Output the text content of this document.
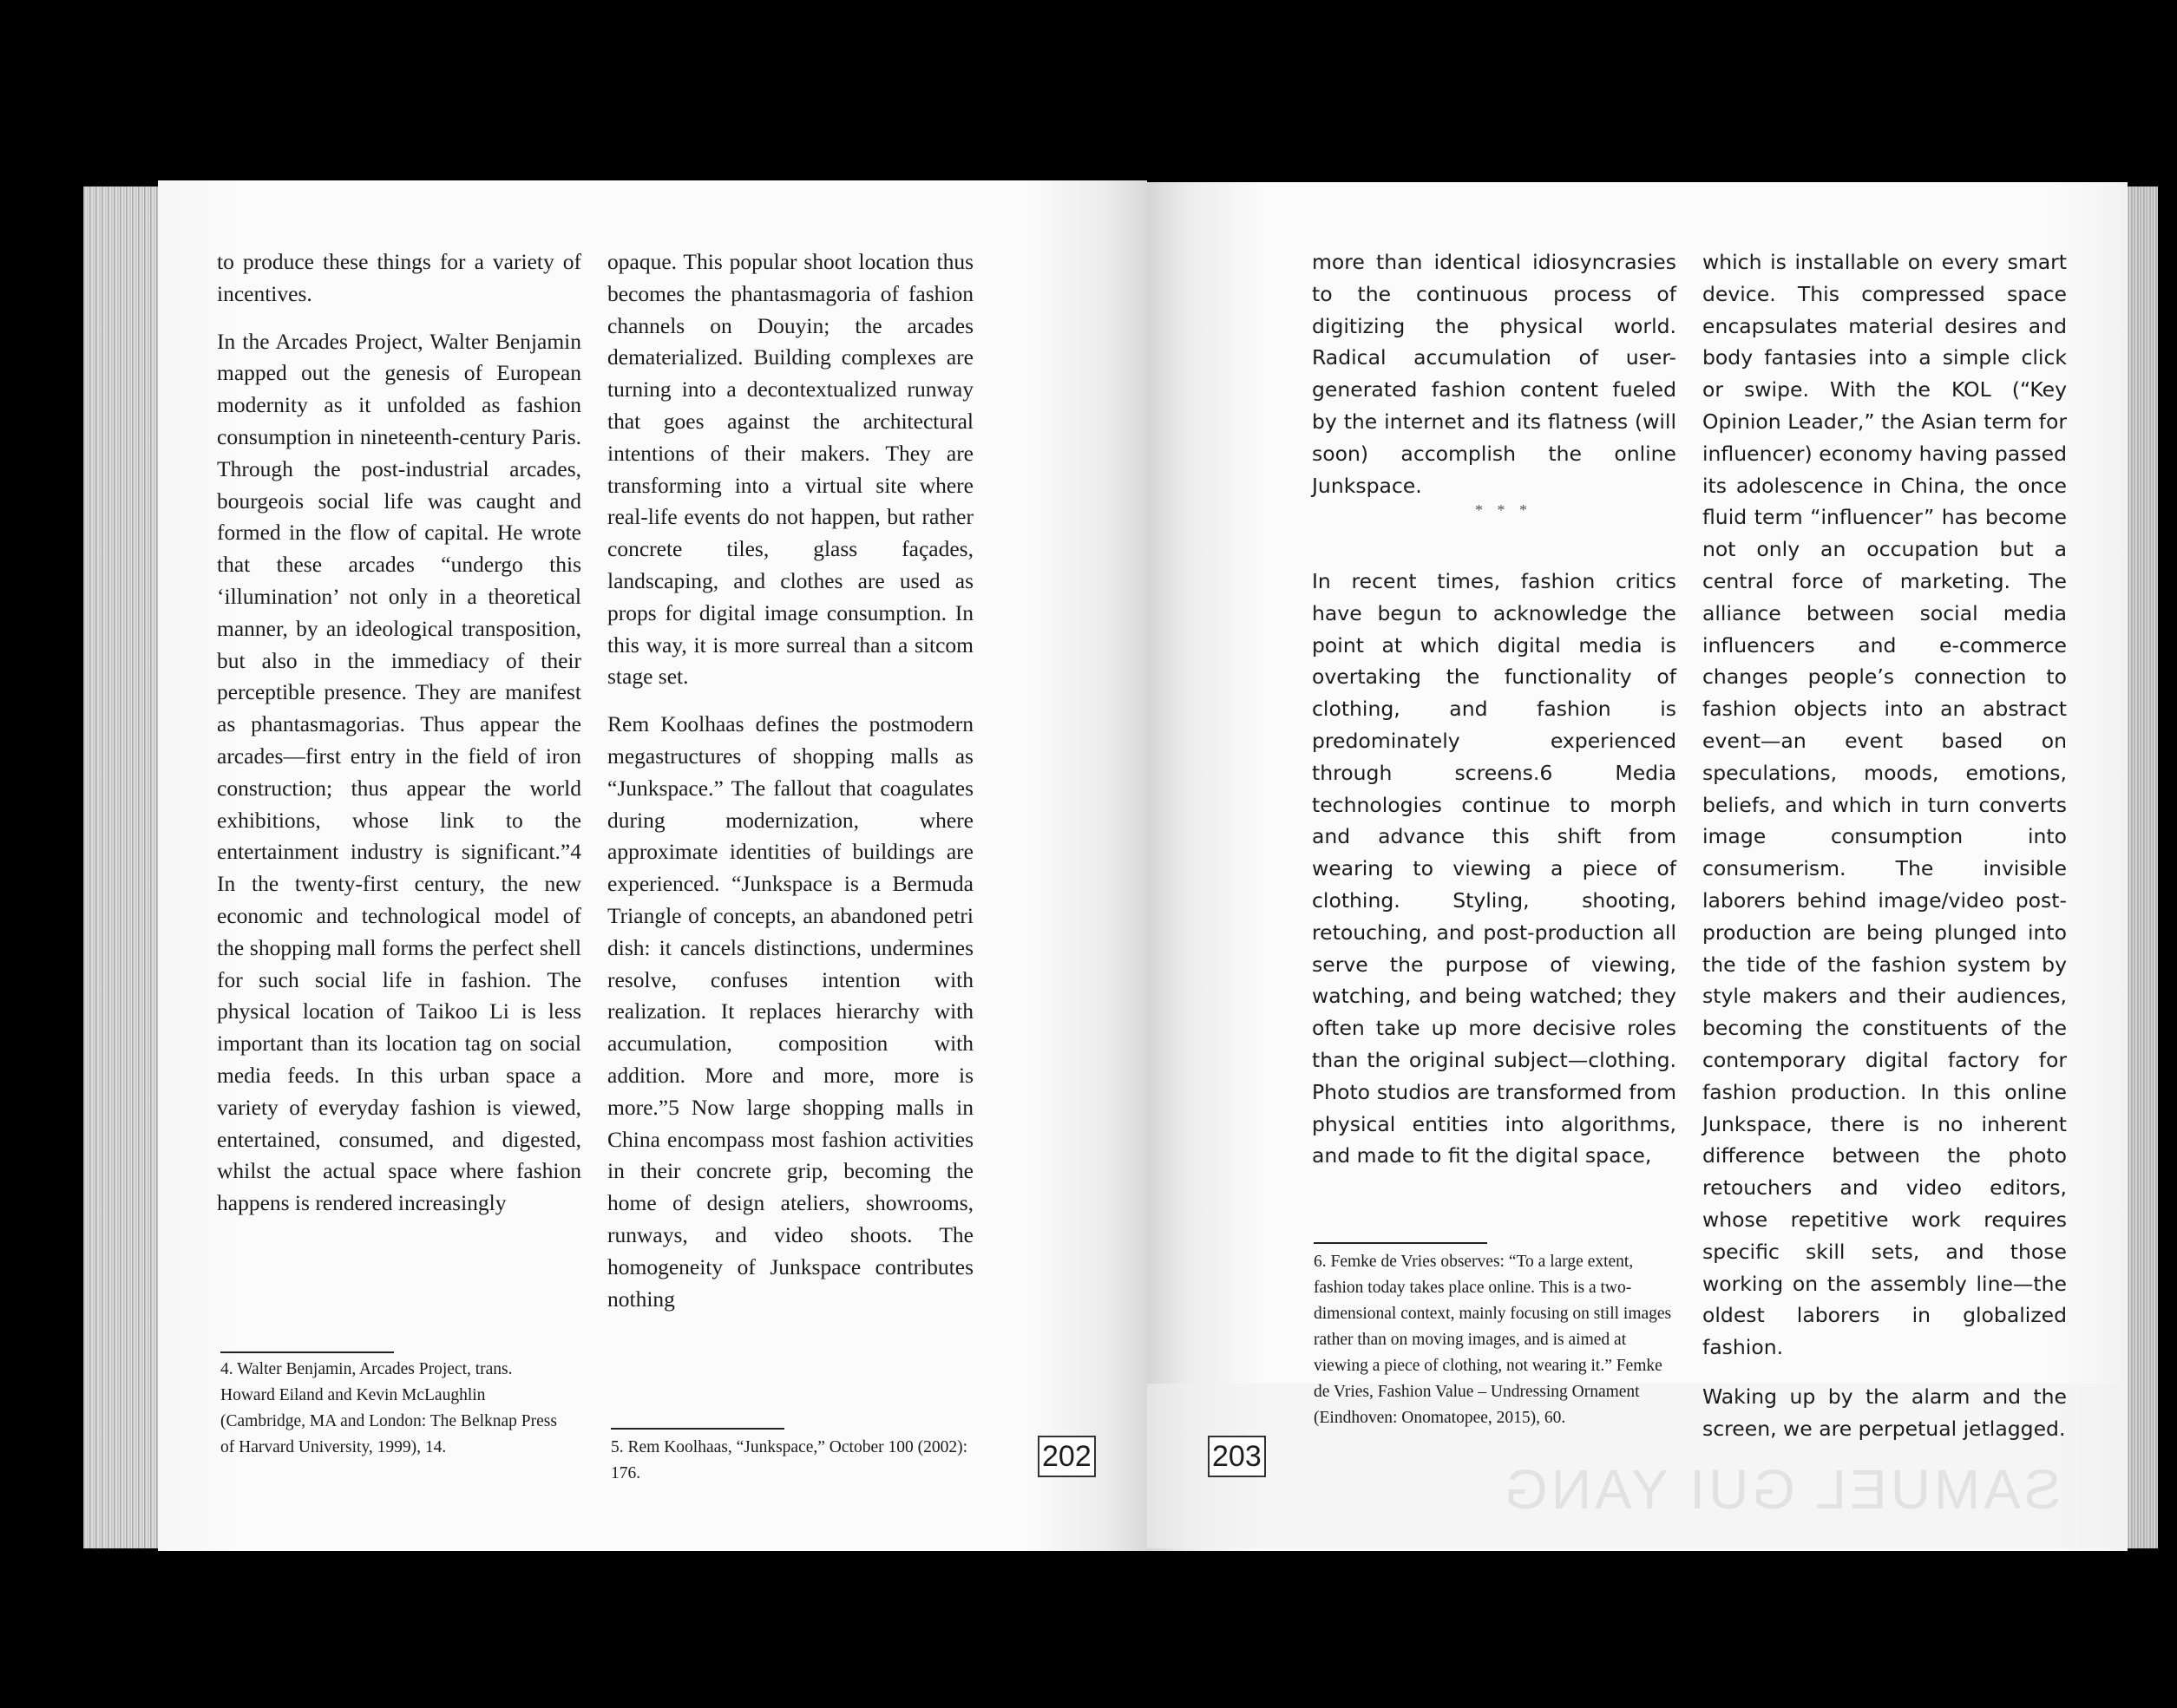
to produce these things for a variety of incentives.

In the Arcades Project, Walter Benjamin mapped out the genesis of European modernity as it unfolded as fashion consumption in nineteenth-century Paris. Through the post-industrial arcades, bourgeois social life was caught and formed in the flow of capital. He wrote that these arcades “undergo this ‘illumination’ not only in a theoretical manner, by an ideological transposition, but also in the immediacy of their perceptible presence. They are manifest as phantasmagorias. Thus appear the arcades—first entry in the field of iron construction; thus appear the world exhibitions, whose link to the entertainment industry is significant.”4 In the twenty-first century, the new economic and technological model of the shopping mall forms the perfect shell for such social life in fashion. The physical location of Taikoo Li is less important than its location tag on social media feeds. In this urban space a variety of everyday fashion is viewed, entertained, consumed, and digested, whilst the actual space where fashion happens is rendered increasingly

4. Walter Benjamin, Arcades Project, trans. Howard Eiland and Kevin McLaughlin (Cambridge, MA and London: The Belknap Press of Harvard University, 1999), 14.

opaque. This popular shoot location thus becomes the phantasmagoria of fashion channels on Douyin; the arcades dematerialized. Building complexes are turning into a decontextualized runway that goes against the architectural intentions of their makers. They are transforming into a virtual site where real-life events do not happen, but rather concrete tiles, glass façades, landscaping, and clothes are used as props for digital image consumption. In this way, it is more surreal than a sitcom stage set.

Rem Koolhaas defines the postmodern megastructures of shopping malls as “Junkspace.” The fallout that coagulates during modernization, where approximate identities of buildings are experienced. “Junkspace is a Bermuda Triangle of concepts, an abandoned petri dish: it cancels distinctions, undermines resolve, confuses intention with realization. It replaces hierarchy with accumulation, composition with addition. More and more, more is more.”5 Now large shopping malls in China encompass most fashion activities in their concrete grip, becoming the home of design ateliers, showrooms, runways, and video shoots. The homogeneity of Junkspace contributes nothing

5. Rem Koolhaas, “Junkspace,” October 100 (2002): 176.

202

more than identical idiosyncrasies to the continuous process of digitizing the physical world. Radical accumulation of user-generated fashion content fueled by the internet and its flatness (will soon) accomplish the online Junkspace.

* * *

In recent times, fashion critics have begun to acknowledge the point at which digital media is overtaking the functionality of clothing, and fashion is predominately experienced through screens.6 Media technologies continue to morph and advance this shift from wearing to viewing a piece of clothing. Styling, shooting, retouching, and post-production all serve the purpose of viewing, watching, and being watched; they often take up more decisive roles than the original subject—clothing. Photo studios are transformed from physical entities into algorithms, and made to fit the digital space,

6. Femke de Vries observes: “To a large extent, fashion today takes place online. This is a two-dimensional context, mainly focusing on still images rather than on moving images, and is aimed at viewing a piece of clothing, not wearing it.” Femke de Vries, Fashion Value – Undressing Ornament (Eindhoven: Onomatopee, 2015), 60.

which is installable on every smart device. This compressed space encapsulates material desires and body fantasies into a simple click or swipe. With the KOL (“Key Opinion Leader,” the Asian term for influencer) economy having passed its adolescence in China, the once fluid term “influencer” has become not only an occupation but a central force of marketing. The alliance between social media influencers and e-commerce changes people’s connection to fashion objects into an abstract event—an event based on speculations, moods, emotions, beliefs, and which in turn converts image consumption into consumerism. The invisible laborers behind image/video post-production are being plunged into the tide of the fashion system by style makers and their audiences, becoming the constituents of the contemporary digital factory for fashion production. In this online Junkspace, there is no inherent difference between the photo retouchers and video editors, whose repetitive work requires specific skill sets, and those working on the assembly line—the oldest laborers in globalized fashion.

Waking up by the alarm and the screen, we are perpetual jetlagged.

203
SAMUEL GUI YANG
